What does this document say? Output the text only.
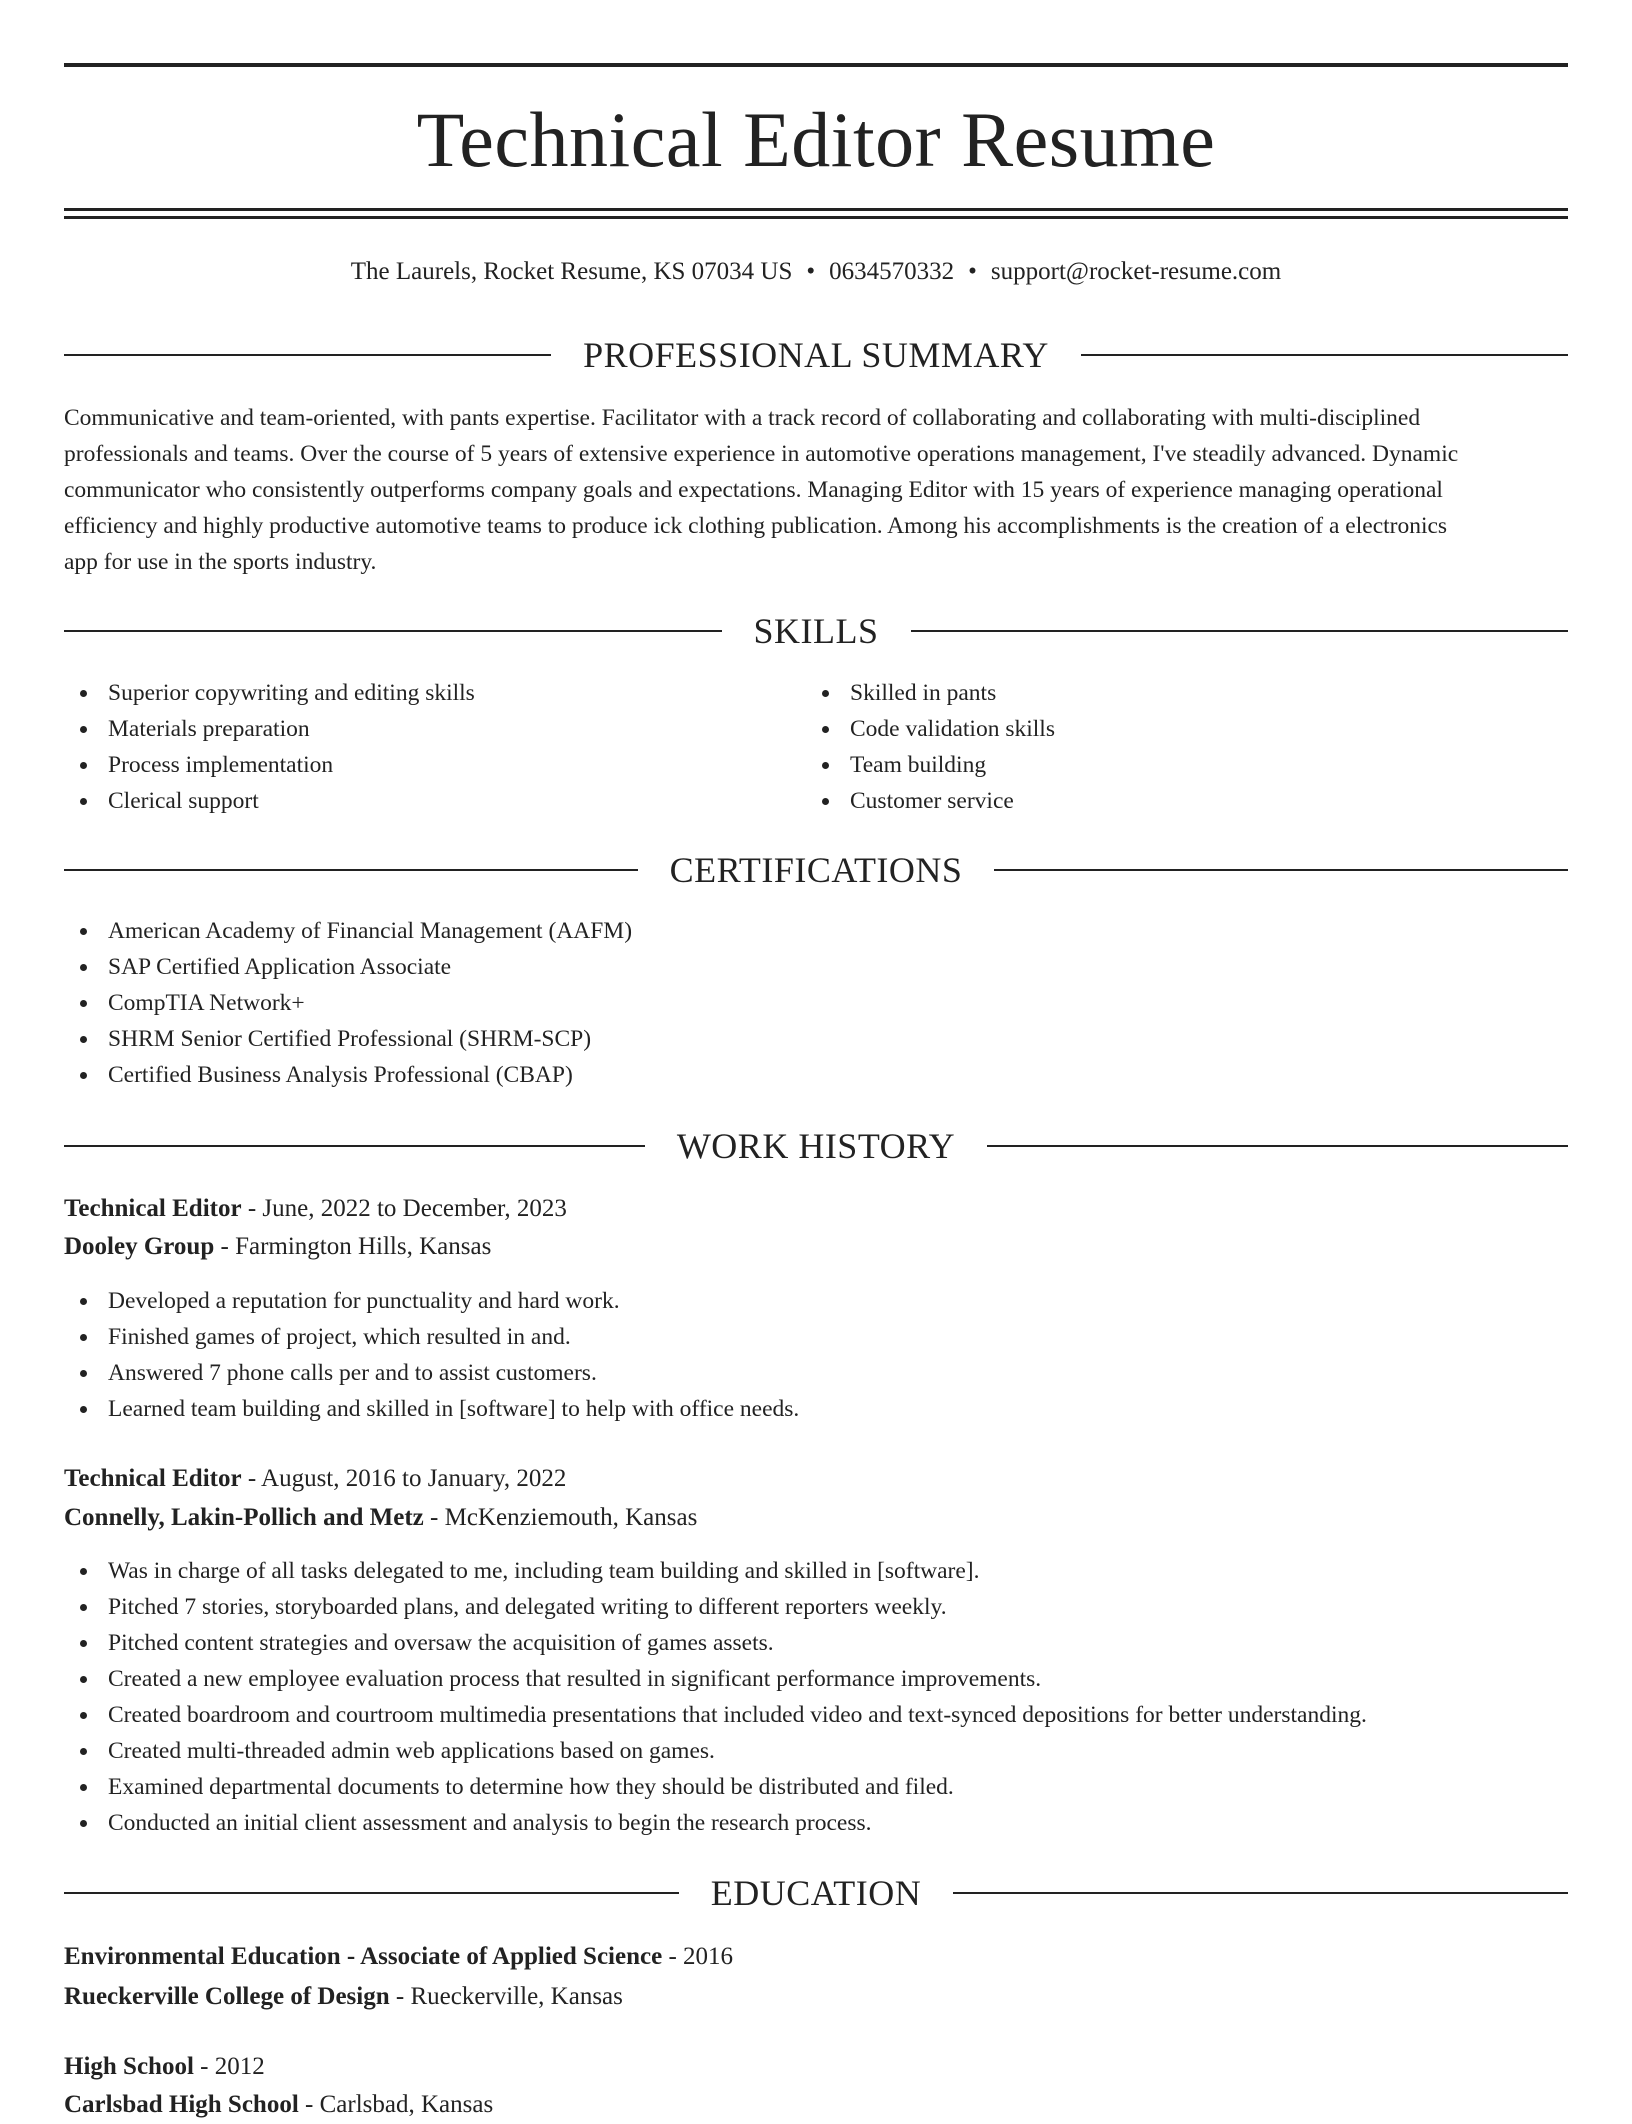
Technical Editor Resume
The Laurels, Rocket Resume, KS 07034 US • 0634570332 • support@rocket-resume.com
PROFESSIONAL SUMMARY
Communicative and team-oriented, with pants expertise. Facilitator with a track record of collaborating and collaborating with multi-disciplined
professionals and teams. Over the course of 5 years of extensive experience in automotive operations management, I've steadily advanced. Dynamic
communicator who consistently outperforms company goals and expectations. Managing Editor with 15 years of experience managing operational
efficiency and highly productive automotive teams to produce ick clothing publication. Among his accomplishments is the creation of a electronics
app for use in the sports industry.
SKILLS
Superior copywriting and editing skills
Materials preparation
Process implementation
Clerical support
Skilled in pants
Code validation skills
Team building
Customer service
CERTIFICATIONS
American Academy of Financial Management (AAFM)
SAP Certified Application Associate
CompTIA Network+
SHRM Senior Certified Professional (SHRM-SCP)
Certified Business Analysis Professional (CBAP)
WORK HISTORY
Technical Editor - June, 2022 to December, 2023
Dooley Group - Farmington Hills, Kansas
Developed a reputation for punctuality and hard work.
Finished games of project, which resulted in and.
Answered 7 phone calls per and to assist customers.
Learned team building and skilled in [software] to help with office needs.
Technical Editor - August, 2016 to January, 2022
Connelly, Lakin-Pollich and Metz - McKenziemouth, Kansas
Was in charge of all tasks delegated to me, including team building and skilled in [software].
Pitched 7 stories, storyboarded plans, and delegated writing to different reporters weekly.
Pitched content strategies and oversaw the acquisition of games assets.
Created a new employee evaluation process that resulted in significant performance improvements.
Created boardroom and courtroom multimedia presentations that included video and text-synced depositions for better understanding.
Created multi-threaded admin web applications based on games.
Examined departmental documents to determine how they should be distributed and filed.
Conducted an initial client assessment and analysis to begin the research process.
EDUCATION
Environmental Education - Associate of Applied Science - 2016
Rueckerville College of Design - Rueckerville, Kansas
High School - 2012
Carlsbad High School - Carlsbad, Kansas
